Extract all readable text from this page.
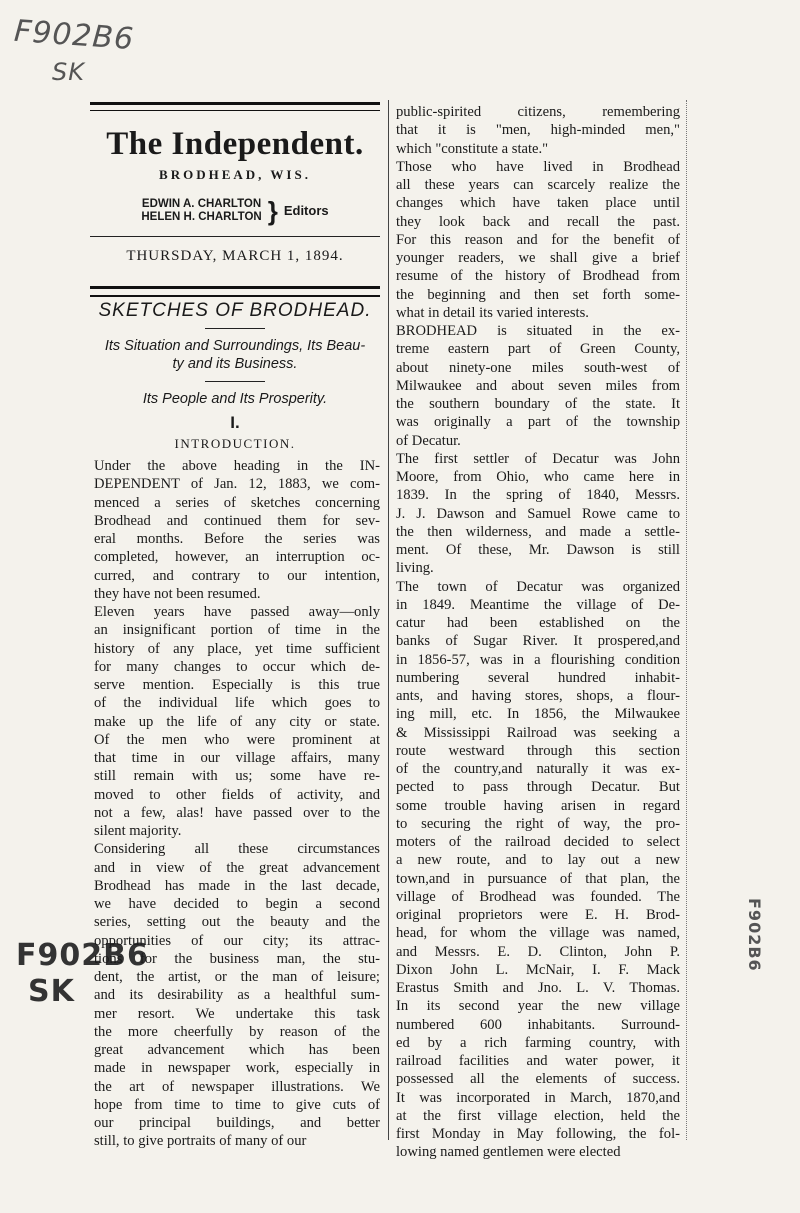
F902B6
SK
F902B6
SK
F902B6
The Independent.
BRODHEAD, WIS.
EDWIN A. CHARLTON
HELEN H. CHARLTON } Editors
THURSDAY, MARCH 1, 1894.
SKETCHES OF BRODHEAD.
Its Situation and Surroundings, Its Beau-
ty and its Business.
Its People and Its Prosperity.
I.
INTRODUCTION.
Under the above heading in the IN-
DEPENDENT of Jan. 12, 1883, we com-
menced a series of sketches concerning
Brodhead and continued them for sev-
eral months. Before the series was
completed, however, an interruption oc-
curred, and contrary to our intention,
they have not been resumed.
Eleven years have passed away—only
an insignificant portion of time in the
history of any place, yet time sufficient
for many changes to occur which de-
serve mention. Especially is this true
of the individual life which goes to
make up the life of any city or state.
Of the men who were prominent at
that time in our village affairs, many
still remain with us; some have re-
moved to other fields of activity, and
not a few, alas! have passed over to the
silent majority.
Considering all these circumstances
and in view of the great advancement
Brodhead has made in the last decade,
we have decided to begin a second
series, setting out the beauty and the
opportunities of our city; its attrac-
tions for the business man, the stu-
dent, the artist, or the man of leisure;
and its desirability as a healthful sum-
mer resort. We undertake this task
the more cheerfully by reason of the
great advancement which has been
made in newspaper work, especially in
the art of newspaper illustrations. We
hope from time to time to give cuts of
our principal buildings, and better
still, to give portraits of many of our
public-spirited citizens, remembering
that it is "men, high-minded men,"
which "constitute a state."
Those who have lived in Brodhead
all these years can scarcely realize the
changes which have taken place until
they look back and recall the past.
For this reason and for the benefit of
younger readers, we shall give a brief
resume of the history of Brodhead from
the beginning and then set forth some-
what in detail its varied interests.
BRODHEAD is situated in the ex-
treme eastern part of Green County,
about ninety-one miles south-west of
Milwaukee and about seven miles from
the southern boundary of the state. It
was originally a part of the township
of Decatur.
The first settler of Decatur was John
Moore, from Ohio, who came here in
1839. In the spring of 1840, Messrs.
J. J. Dawson and Samuel Rowe came to
the then wilderness, and made a settle-
ment. Of these, Mr. Dawson is still
living.
The town of Decatur was organized
in 1849. Meantime the village of De-
catur had been established on the
banks of Sugar River. It prospered,and
in 1856-57, was in a flourishing condition
numbering several hundred inhabit-
ants, and having stores, shops, a flour-
ing mill, etc. In 1856, the Milwaukee
& Mississippi Railroad was seeking a
route westward through this section
of the country,and naturally it was ex-
pected to pass through Decatur. But
some trouble having arisen in regard
to securing the right of way, the pro-
moters of the railroad decided to select
a new route, and to lay out a new
town,and in pursuance of that plan, the
village of Brodhead was founded. The
original proprietors were E. H. Brod-
head, for whom the village was named,
and Messrs. E. D. Clinton, John P.
Dixon John L. McNair, I. F. Mack
Erastus Smith and Jno. L. V. Thomas.
In its second year the new village
numbered 600 inhabitants. Surround-
ed by a rich farming country, with
railroad facilities and water power, it
possessed all the elements of success.
It was incorporated in March, 1870,and
at the first village election, held the
first Monday in May following, the fol-
lowing named gentlemen were elected
